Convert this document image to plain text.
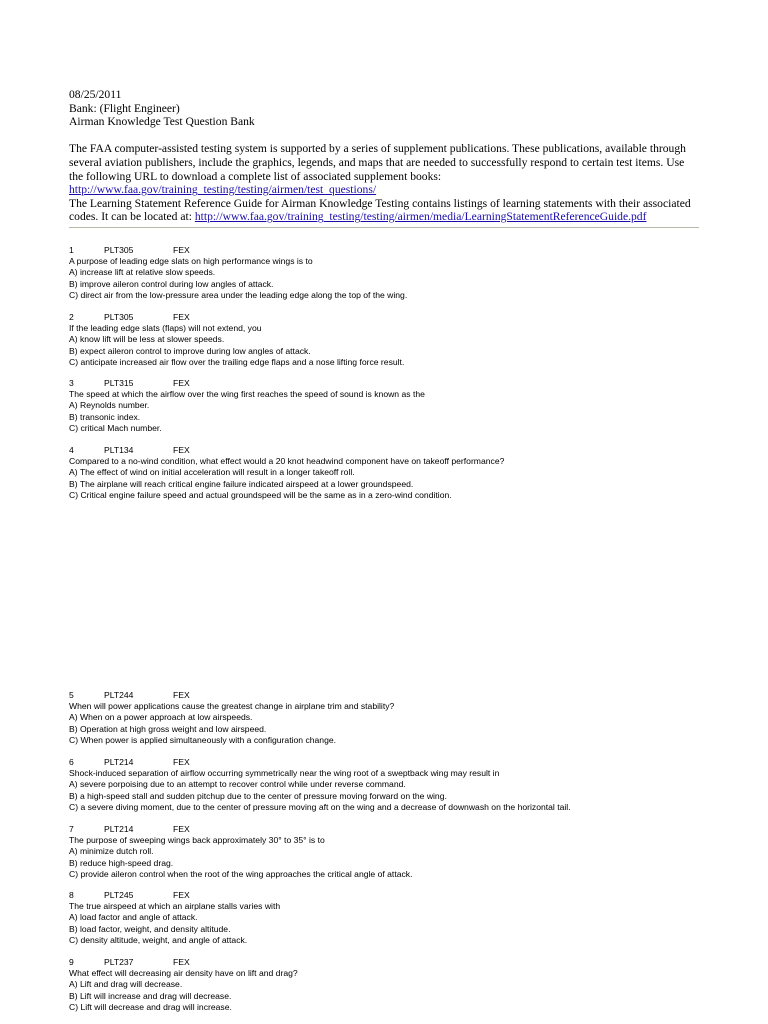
08/25/2011
Bank: (Flight Engineer)
Airman Knowledge Test Question Bank
The FAA computer-assisted testing system is supported by a series of supplement publications. These publications, available through
several aviation publishers, include the graphics, legends, and maps that are needed to successfully respond to certain test items. Use
the following URL to download a complete list of associated supplement books:
http://www.faa.gov/training_testing/testing/airmen/test_questions/
The Learning Statement Reference Guide for Airman Knowledge Testing contains listings of learning statements with their associated
codes. It can be located at: http://www.faa.gov/training_testing/testing/airmen/media/LearningStatementReferenceGuide.pdf
1	PLT305	FEX
A purpose of leading edge slats on high performance wings is to
A) increase lift at relative slow speeds.
B) improve aileron control during low angles of attack.
C) direct air from the low-pressure area under the leading edge along the top of the wing.
2	PLT305	FEX
If the leading edge slats (flaps) will not extend, you
A) know lift will be less at slower speeds.
B) expect aileron control to improve during low angles of attack.
C) anticipate increased air flow over the trailing edge flaps and a nose lifting force result.
3	PLT315	FEX
The speed at which the airflow over the wing first reaches the speed of sound is known as the
A) Reynolds number.
B) transonic index.
C) critical Mach number.
4	PLT134	FEX
Compared to a no-wind condition, what effect would a 20 knot headwind component have on takeoff performance?
A) The effect of wind on initial acceleration will result in a longer takeoff roll.
B) The airplane will reach critical engine failure indicated airspeed at a lower groundspeed.
C) Critical engine failure speed and actual groundspeed will be the same as in a zero-wind condition.
5	PLT244	FEX
When will power applications cause the greatest change in airplane trim and stability?
A) When on a power approach at low airspeeds.
B) Operation at high gross weight and low airspeed.
C) When power is applied simultaneously with a configuration change.
6	PLT214	FEX
Shock-induced separation of airflow occurring symmetrically near the wing root of a sweptback wing may result in
A) severe porpoising due to an attempt to recover control while under reverse command.
B) a high-speed stall and sudden pitchup due to the center of pressure moving forward on the wing.
C) a severe diving moment, due to the center of pressure moving aft on the wing and a decrease of downwash on the horizontal tail.
7	PLT214	FEX
The purpose of sweeping wings back approximately 30° to 35° is to
A) minimize dutch roll.
B) reduce high-speed drag.
C) provide aileron control when the root of the wing approaches the critical angle of attack.
8	PLT245	FEX
The true airspeed at which an airplane stalls varies with
A) load factor and angle of attack.
B) load factor, weight, and density altitude.
C) density altitude, weight, and angle of attack.
9	PLT237	FEX
What effect will decreasing air density have on lift and drag?
A) Lift and drag will decrease.
B) Lift will increase and drag will decrease.
C) Lift will decrease and drag will increase.
